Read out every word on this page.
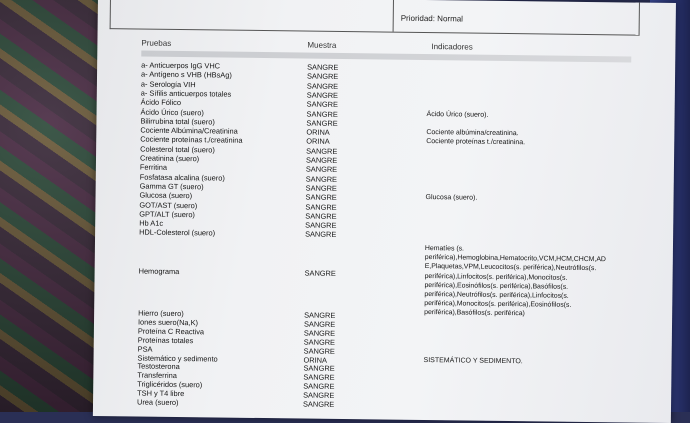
Prioridad: Normal
Pruebas	Muestra	Indicadores
a- Anticuerpos IgG VHC	SANGRE
a- Antígeno s VHB (HBsAg)	SANGRE
a- Serología VIH	SANGRE
a- Sífilis anticuerpos totales	SANGRE
Ácido Fólico	SANGRE
Ácido Úrico (suero)	SANGRE	Ácido Úrico (suero).
Bilirrubina total (suero)	SANGRE
Cociente Albúmina/Creatinina	ORINA	Cociente albúmina/creatinina.
Cociente proteínas t./creatinina	ORINA	Cociente proteínas t./creatinina.
Colesterol total (suero)	SANGRE
Creatinina (suero)	SANGRE
Ferritina	SANGRE
Fosfatasa alcalina (suero)	SANGRE
Gamma GT (suero)	SANGRE
Glucosa (suero)	SANGRE	Glucosa (suero).
GOT/AST (suero)	SANGRE
GPT/ALT (suero)	SANGRE
Hb A1c	SANGRE
HDL-Colesterol (suero)	SANGRE
Hemograma	SANGRE
Hematíes (s.
periférica),Hemoglobina,Hematocrito,VCM,HCM,CHCM,AD
E,Plaquetas,VPM,Leucocitos(s. periférica),Neutrófilos(s.
periférica),Linfocitos(s. periférica),Monocitos(s.
periférica),Eosinófilos(s. periférica),Basófilos(s.
periférica),Neutrófilos(s. periférica),Linfocitos(s.
periférica),Monocitos(s. periférica),Eosinófilos(s.
periférica),Basófilos(s. periférica)
Hierro (suero)	SANGRE
Iones suero(Na,K)	SANGRE
Proteína C Reactiva	SANGRE
Proteínas totales	SANGRE
PSA	SANGRE
Sistemático y sedimento	ORINA	SISTEMÁTICO Y SEDIMENTO.
Testosterona	SANGRE
Transferrina	SANGRE
Triglicéridos (suero)	SANGRE
TSH y T4 libre	SANGRE
Urea (suero)	SANGRE
